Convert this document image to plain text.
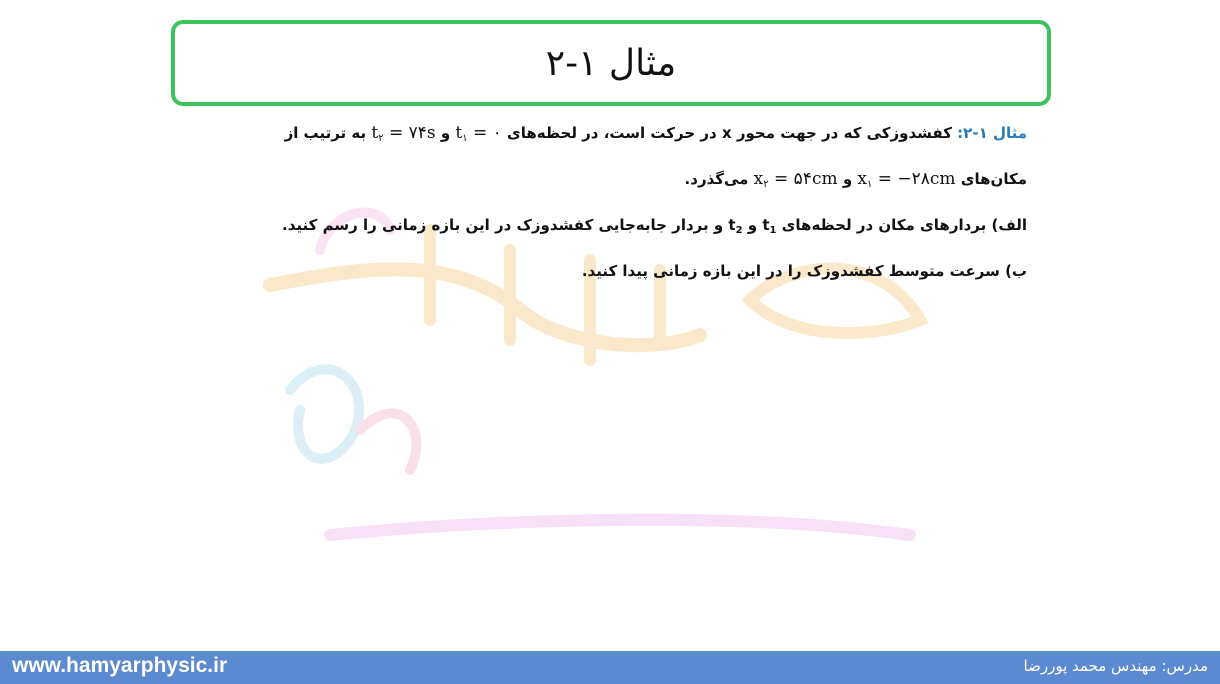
مثال ۱-۲
مثال ۱-۲: کفشدوزکی که در جهت محور x در حرکت است، در لحظه‌های $t_۱$ = ۰ و $t_۲$ = ۷۴s به ترتیب از
مکان‌های $x_۱$ = −۲۸cm و $x_۲$ = ۵۴cm می‌گذرد.
الف) بردارهای مکان در لحظه‌های $t_1$ و $t_2$ و بردار جابه‌جایی کفشدوزک در این بازه زمانی را رسم کنید.
ب) سرعت متوسط کفشدوزک را در این بازه زمانی پیدا کنید.
www.hamyarphysic.ir	مدرس: مهندس محمد پوررضا
